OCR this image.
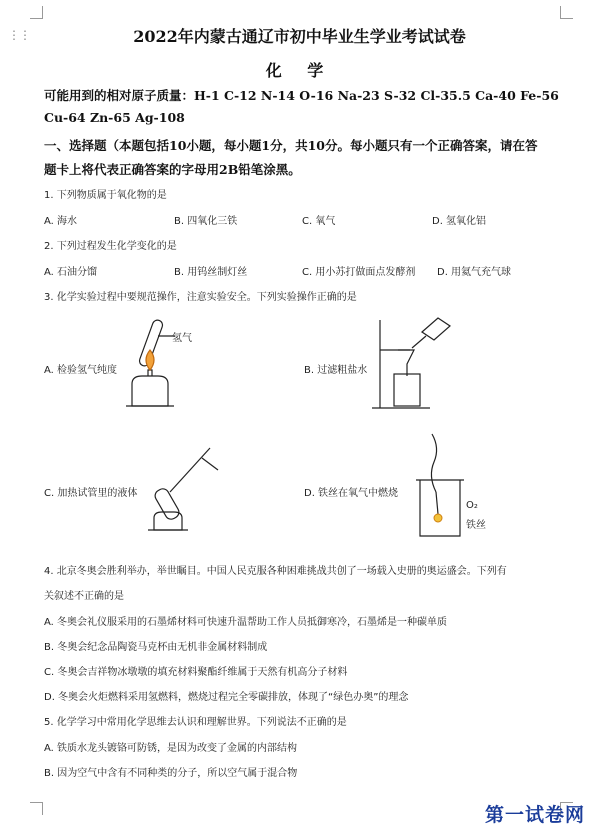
⋮⋮	2022年内蒙古通辽市初中毕业生学业考试试卷
化 学
可能用到的相对原子质量：H-1 C-12 N-14 O-16 Na-23 S-32 Cl-35.5 Ca-40 Fe-56
Cu-64 Zn-65 Ag-108
一、选择题（本题包括10小题，每小题1分，共10分。每小题只有一个正确答案，请在答
题卡上将代表正确答案的字母用2B铅笔涂黑。
1. 下列物质属于氧化物的是
A. 海水	B. 四氧化三铁	C. 氧气	D. 氢氧化铝
2. 下列过程发生化学变化的是
A. 石油分馏	B. 用钨丝制灯丝	C. 用小苏打做面点发酵剂 D. 用氦气充气球
3. 化学实验过程中要规范操作，注意实验安全。下列实验操作正确的是
氢气
A. 检验氢气纯度	B. 过滤粗盐水
C. 加热试管里的液体
O₂
铁丝
D. 铁丝在氧气中燃烧
4. 北京冬奥会胜利举办，举世瞩目。中国人民克服各种困难挑战共创了一场载入史册的奥运盛会。下列有
关叙述不正确的是
A. 冬奥会礼仪服采用的石墨烯材料可快速升温帮助工作人员抵御寒冷，石墨烯是一种碳单质
B. 冬奥会纪念品陶瓷马克杯由无机非金属材料制成
C. 冬奥会吉祥物冰墩墩的填充材料聚酯纤维属于天然有机高分子材料
D. 冬奥会火炬燃料采用氢燃料，燃烧过程完全零碳排放，体现了“绿色办奥”的理念
5. 化学学习中常用化学思维去认识和理解世界。下列说法不正确的是
A. 铁质水龙头镀铬可防锈，是因为改变了金属的内部结构
B. 因为空气中含有不同种类的分子，所以空气属于混合物
第一试卷网
